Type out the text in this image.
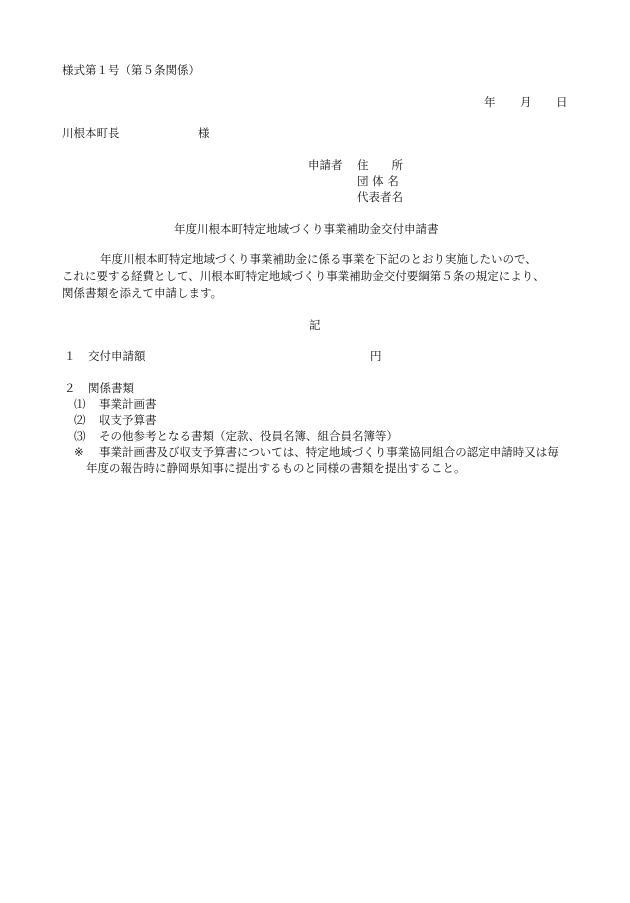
様式第１号（第５条関係）
年 月 日
川根本町長	様
申請者 住　　所
団 体 名
代表者名
年度川根本町特定地域づくり事業補助金交付申請書
年度川根本町特定地域づくり事業補助金に係る事業を下記のとおり実施したいので、
これに要する経費として、川根本町特定地域づくり事業補助金交付要綱第５条の規定により、
関係書類を添えて申請します。
記
１ 交付申請額	円
２ 関係書類
⑴ 事業計画書
⑵ 収支予算書
⑶ その他参考となる書類（定款、役員名簿、組合員名簿等）
※ 事業計画書及び収支予算書については、特定地域づくり事業協同組合の認定申請時又は毎
年度の報告時に静岡県知事に提出するものと同様の書類を提出すること。
